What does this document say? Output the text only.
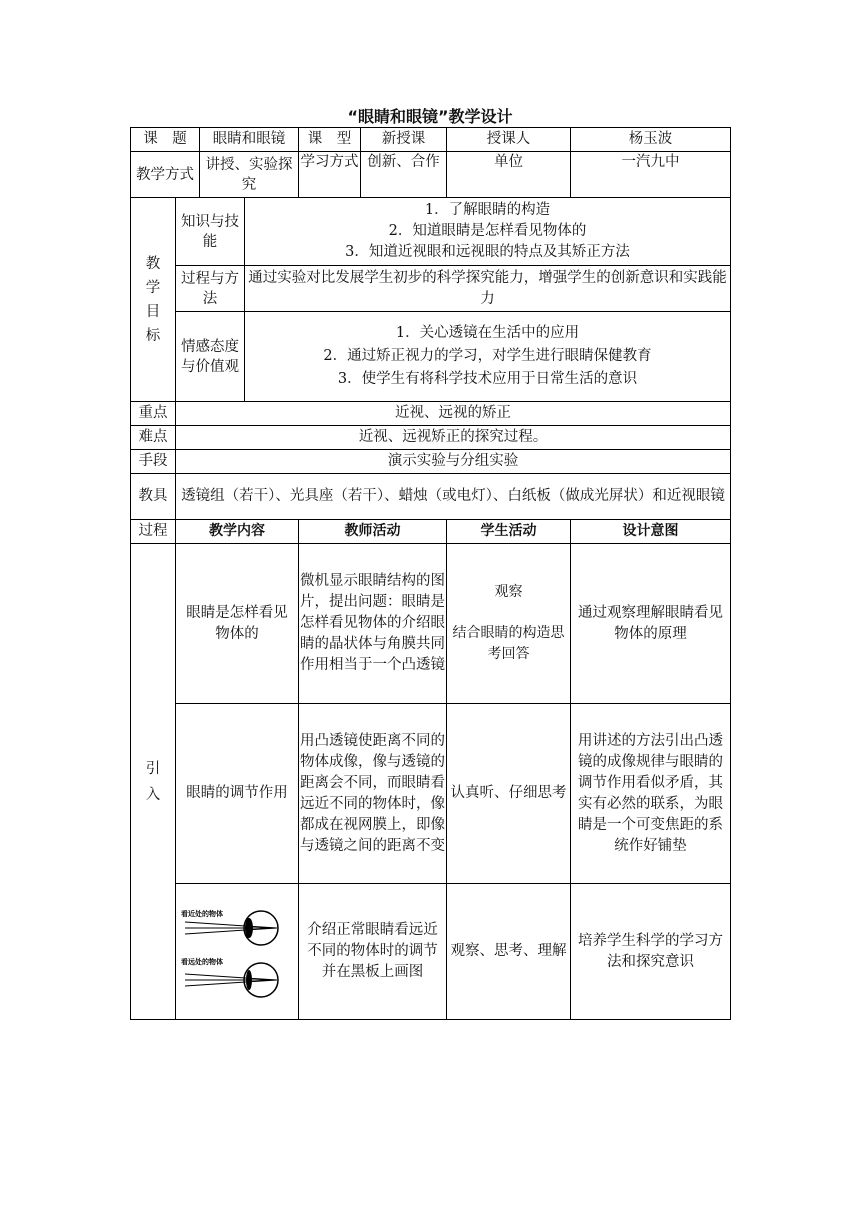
“眼睛和眼镜”教学设计
课　题		眼睛和眼镜		课　型	新授课	授课人	杨玉波
教学方式		讲授、实验探究		学习方式	创新、合作	单位	一汽九中

教学目标	知识与技能		1．了解眼睛的构造
2．知道眼睛是怎样看见物体的
3．知道近视眼和远视眼的特点及其矫正方法				

	过程与方法		通过实验对比发展学生初步的科学探究能力，增强学生的创新意识和实践能力				
	情感态度与价值观		1．关心透镜在生活中的应用
2．通过矫正视力的学习，对学生进行眼睛保健教育
3．使学生有将科学技术应用于日常生活的意识				

重点	近视、远视的矫正						
难点	近视、远视矫正的探究过程。						
手段	演示实验与分组实验						
教具	透镜组（若干）、光具座（若干）、蜡烛（或电灯）、白纸板（做成光屏状）和近视眼镜						
过程	教学内容			教师活动		学生活动	设计意图

引入	眼睛是怎样看见物体的			微机显示眼睛结构的图片，提出问题：眼睛是怎样看见物体的介绍眼睛的晶状体与角膜共同作用相当于一个凸透镜		观察
结合眼睛的构造思考回答	通过观察理解眼睛看见物体的原理
	眼睛的调节作用			用凸透镜使距离不同的物体成像，像与透镜的距离会不同，而眼睛看远近不同的物体时，像都成在视网膜上，即像与透镜之间的距离不变		认真听、仔细思考	用讲述的方法引出凸透镜的成像规律与眼睛的调节作用看似矛盾，其实有必然的联系，为眼睛是一个可变焦距的系统作好铺垫

看近处的物体
看远处的物体			介绍正常眼睛看远近不同的物体时的调节并在黑板上画图		观察、思考、理解	培养学生科学的学习方法和探究意识
